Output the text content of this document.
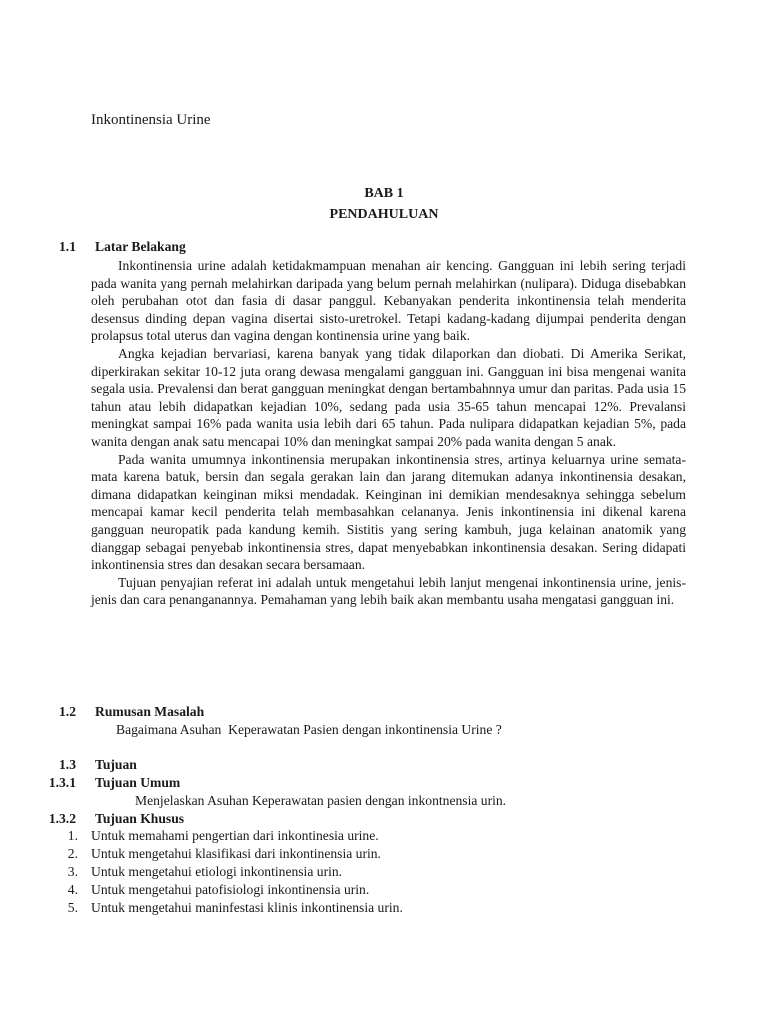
Inkontinensia Urine
BAB 1
PENDAHULUAN
1.1 Latar Belakang

Inkontinensia urine adalah ketidakmampuan menahan air kencing. Gangguan ini lebih sering terjadi pada wanita yang pernah melahirkan daripada yang belum pernah melahirkan (nulipara). Diduga disebabkan oleh perubahan otot dan fasia di dasar panggul. Kebanyakan penderita inkontinensia telah menderita desensus dinding depan vagina disertai sisto-uretrokel. Tetapi kadang-kadang dijumpai penderita dengan prolapsus total uterus dan vagina dengan kontinensia urine yang baik.

Angka kejadian bervariasi, karena banyak yang tidak dilaporkan dan diobati. Di Amerika Serikat, diperkirakan sekitar 10-12 juta orang dewasa mengalami gangguan ini. Gangguan ini bisa mengenai wanita segala usia. Prevalensi dan berat gangguan meningkat dengan bertambahnnya umur dan paritas. Pada usia 15 tahun atau lebih didapatkan kejadian 10%, sedang pada usia 35-65 tahun mencapai 12%. Prevalansi meningkat sampai 16% pada wanita usia lebih dari 65 tahun. Pada nulipara didapatkan kejadian 5%, pada wanita dengan anak satu mencapai 10% dan meningkat sampai 20% pada wanita dengan 5 anak.

Pada wanita umumnya inkontinensia merupakan inkontinensia stres, artinya keluarnya urine semata-mata karena batuk, bersin dan segala gerakan lain dan jarang ditemukan adanya inkontinensia desakan, dimana didapatkan keinginan miksi mendadak. Keinginan ini demikian mendesaknya sehingga sebelum mencapai kamar kecil penderita telah membasahkan celananya. Jenis inkontinensia ini dikenal karena gangguan neuropatik pada kandung kemih. Sistitis yang sering kambuh, juga kelainan anatomik yang dianggap sebagai penyebab inkontinensia stres, dapat menyebabkan inkontinensia desakan. Sering didapati inkontinensia stres dan desakan secara bersamaan.

Tujuan penyajian referat ini adalah untuk mengetahui lebih lanjut mengenai inkontinensia urine, jenis-jenis dan cara penanganannya. Pemahaman yang lebih baik akan membantu usaha mengatasi gangguan ini.

1.2 Rumusan Masalah
Bagaimana Asuhan  Keperawatan Pasien dengan inkontinensia Urine ?
1.3 Tujuan
1.3.1 Tujuan Umum
Menjelaskan Asuhan Keperawatan pasien dengan inkontnensia urin.
1.3.2 Tujuan Khusus
1. Untuk memahami pengertian dari inkontinesia urine.
2. Untuk mengetahui klasifikasi dari inkontinensia urin.
3. Untuk mengetahui etiologi inkontinensia urin.
4. Untuk mengetahui patofisiologi inkontinensia urin.
5. Untuk mengetahui maninfestasi klinis inkontinensia urin.
